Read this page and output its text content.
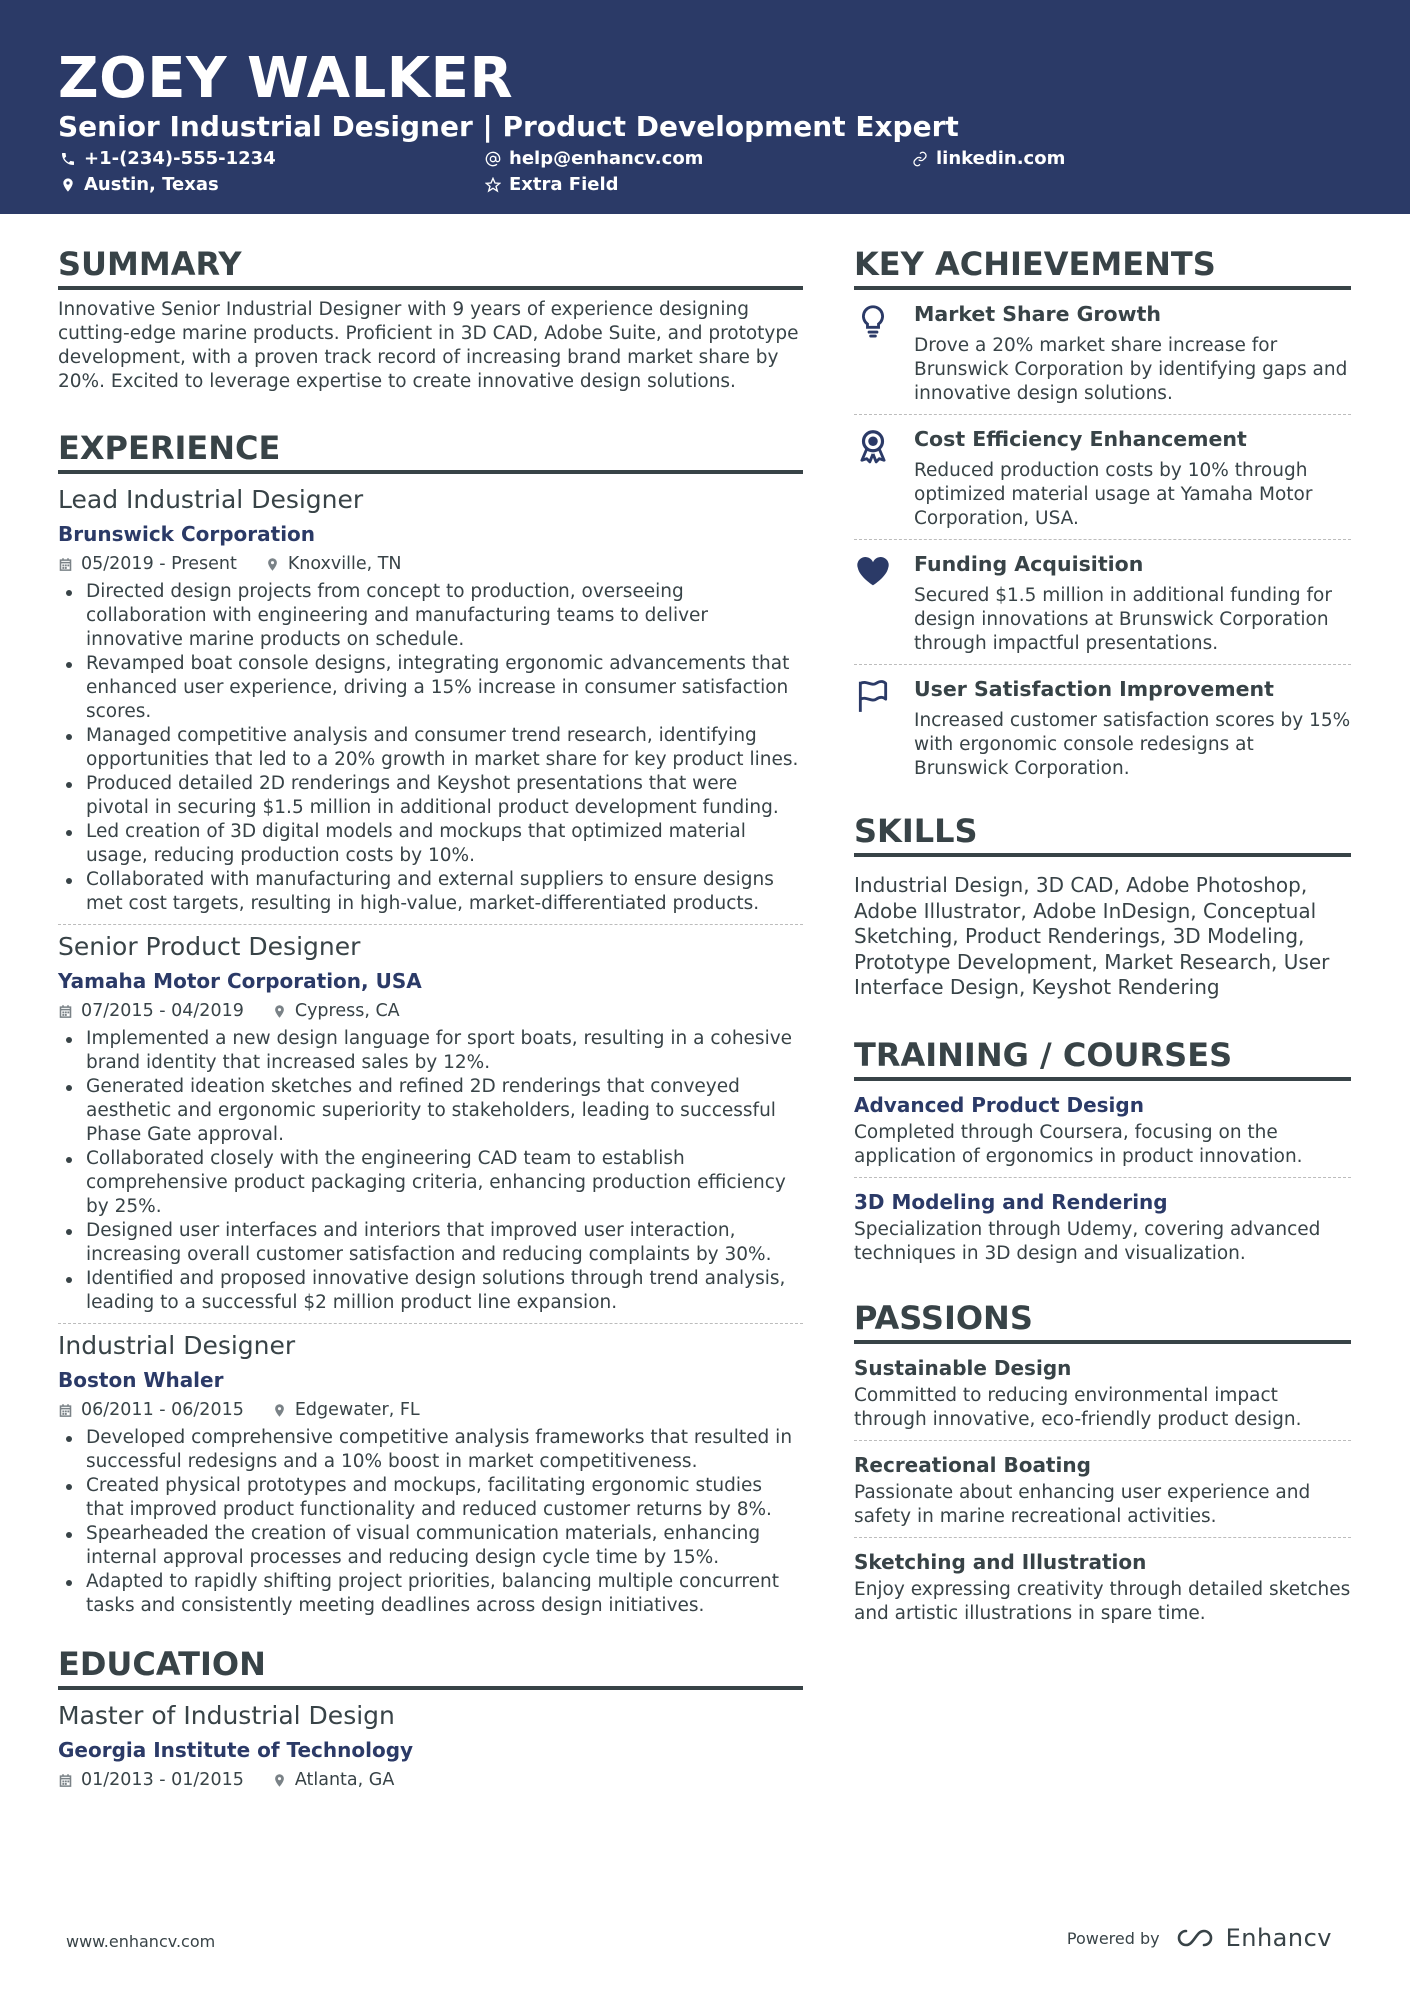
ZOEY WALKER
Senior Industrial Designer | Product Development Expert
+1-(234)-555-1234	help@enhancv.com	linkedin.com
Austin, Texas	Extra Field
SUMMARY
Innovative Senior Industrial Designer with 9 years of experience designing cutting-edge marine products. Proficient in 3D CAD, Adobe Suite, and prototype development, with a proven track record of increasing brand market share by 20%. Excited to leverage expertise to create innovative design solutions.
EXPERIENCE
Lead Industrial Designer
Brunswick Corporation
05/2019 - Present	Knoxville, TN
Directed design projects from concept to production, overseeing collaboration with engineering and manufacturing teams to deliver innovative marine products on schedule.
Revamped boat console designs, integrating ergonomic advancements that enhanced user experience, driving a 15% increase in consumer satisfaction scores.
Managed competitive analysis and consumer trend research, identifying opportunities that led to a 20% growth in market share for key product lines.
Produced detailed 2D renderings and Keyshot presentations that were pivotal in securing $1.5 million in additional product development funding.
Led creation of 3D digital models and mockups that optimized material usage, reducing production costs by 10%.
Collaborated with manufacturing and external suppliers to ensure designs met cost targets, resulting in high-value, market-differentiated products.
Senior Product Designer
Yamaha Motor Corporation, USA
07/2015 - 04/2019	Cypress, CA
Implemented a new design language for sport boats, resulting in a cohesive brand identity that increased sales by 12%.
Generated ideation sketches and refined 2D renderings that conveyed aesthetic and ergonomic superiority to stakeholders, leading to successful Phase Gate approval.
Collaborated closely with the engineering CAD team to establish comprehensive product packaging criteria, enhancing production efficiency by 25%.
Designed user interfaces and interiors that improved user interaction, increasing overall customer satisfaction and reducing complaints by 30%.
Identified and proposed innovative design solutions through trend analysis, leading to a successful $2 million product line expansion.
Industrial Designer
Boston Whaler
06/2011 - 06/2015	Edgewater, FL
Developed comprehensive competitive analysis frameworks that resulted in successful redesigns and a 10% boost in market competitiveness.
Created physical prototypes and mockups, facilitating ergonomic studies that improved product functionality and reduced customer returns by 8%.
Spearheaded the creation of visual communication materials, enhancing internal approval processes and reducing design cycle time by 15%.
Adapted to rapidly shifting project priorities, balancing multiple concurrent tasks and consistently meeting deadlines across design initiatives.
EDUCATION
Master of Industrial Design
Georgia Institute of Technology
01/2013 - 01/2015	Atlanta, GA
KEY ACHIEVEMENTS
Market Share Growth
Drove a 20% market share increase for Brunswick Corporation by identifying gaps and innovative design solutions.
Cost Efficiency Enhancement
Reduced production costs by 10% through optimized material usage at Yamaha Motor Corporation, USA.
Funding Acquisition
Secured $1.5 million in additional funding for design innovations at Brunswick Corporation through impactful presentations.
User Satisfaction Improvement
Increased customer satisfaction scores by 15% with ergonomic console redesigns at Brunswick Corporation.
SKILLS
Industrial Design, 3D CAD, Adobe Photoshop, Adobe Illustrator, Adobe InDesign, Conceptual Sketching, Product Renderings, 3D Modeling, Prototype Development, Market Research, User Interface Design, Keyshot Rendering
TRAINING / COURSES
Advanced Product Design
Completed through Coursera, focusing on the application of ergonomics in product innovation.
3D Modeling and Rendering
Specialization through Udemy, covering advanced techniques in 3D design and visualization.
PASSIONS
Sustainable Design
Committed to reducing environmental impact through innovative, eco-friendly product design.
Recreational Boating
Passionate about enhancing user experience and safety in marine recreational activities.
Sketching and Illustration
Enjoy expressing creativity through detailed sketches and artistic illustrations in spare time.
www.enhancv.com	Powered by	Enhancv
